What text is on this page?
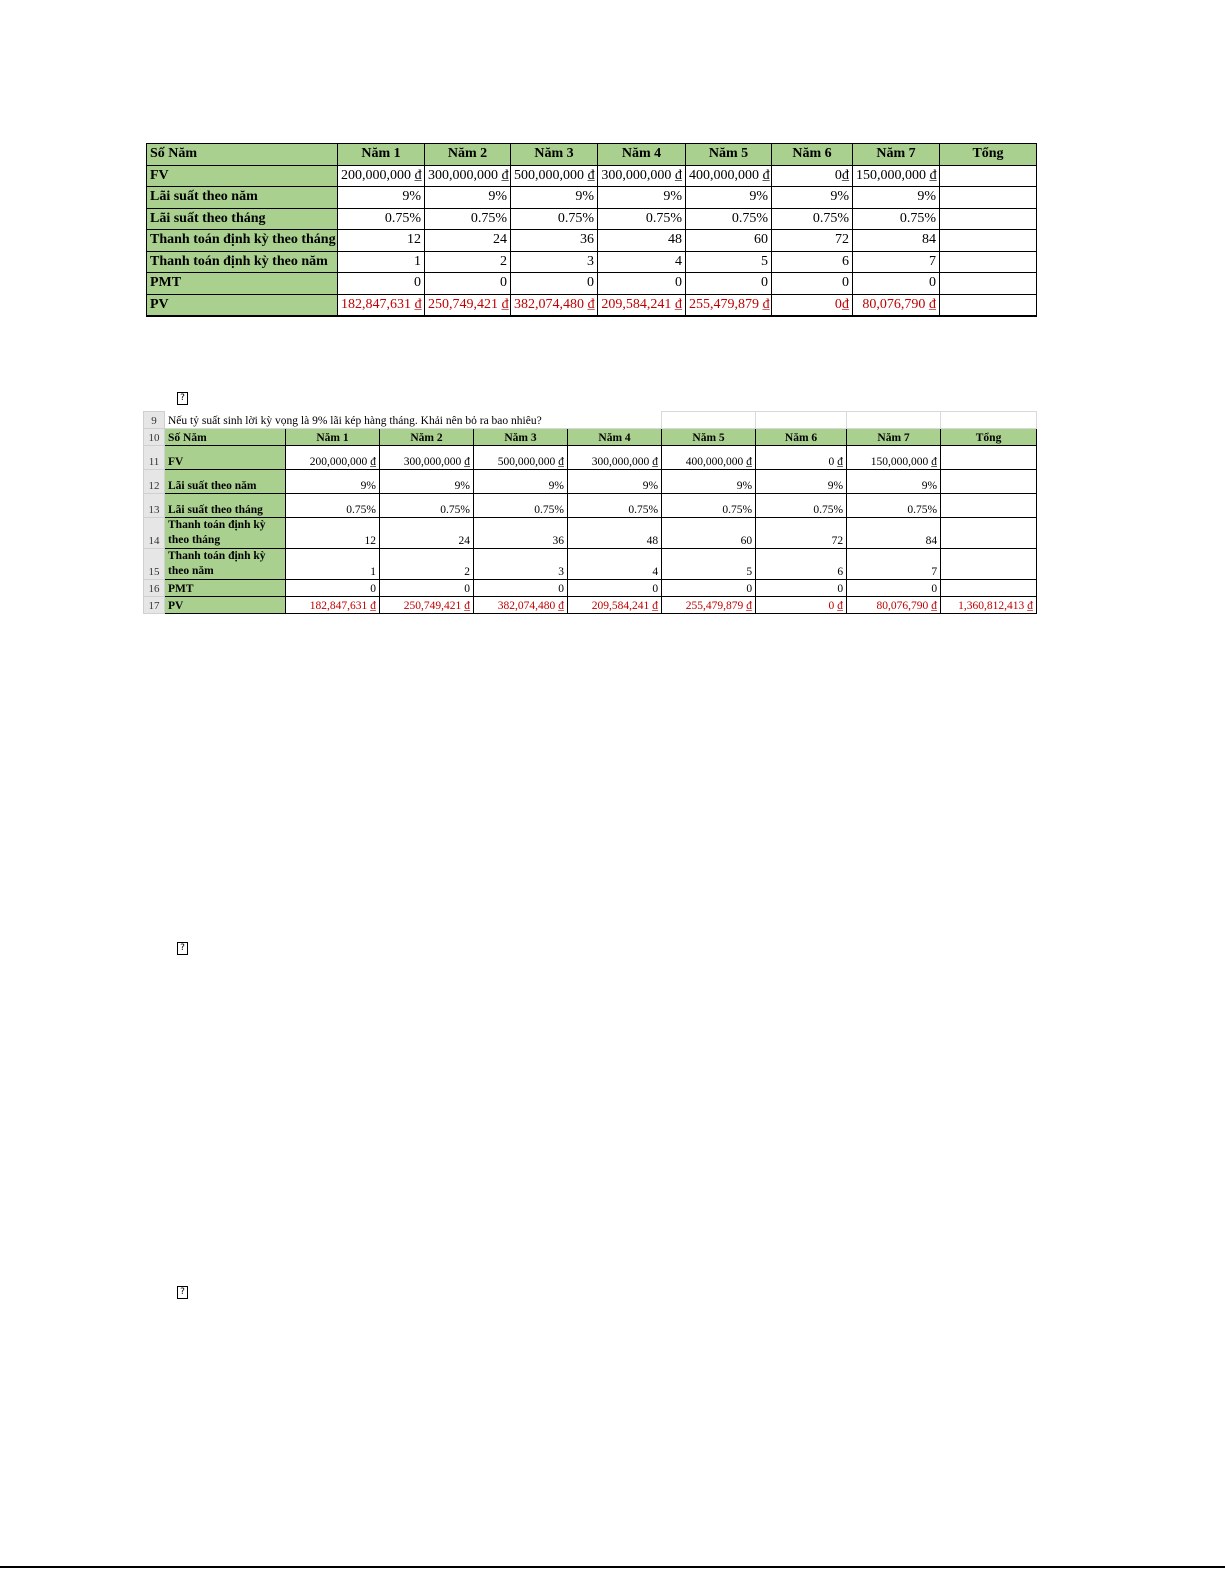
Số Năm	Năm 1	Năm 2	Năm 3	Năm 4	Năm 5	Năm 6	Năm 7	Tổng
FV	200,000,000 ₫	300,000,000 ₫	500,000,000 ₫	300,000,000 ₫	400,000,000 ₫	0₫	150,000,000 ₫	
Lãi suất theo năm	9%	9%	9%	9%	9%	9%	9%	
Lãi suất theo tháng	0.75%	0.75%	0.75%	0.75%	0.75%	0.75%	0.75%	
Thanh toán định kỳ theo tháng	12	24	36	48	60	72	84	
Thanh toán định kỳ theo năm	1	2	3	4	5	6	7	
PMT	0	0	0	0	0	0	0	
PV	182,847,631 ₫	250,749,421 ₫	382,074,480 ₫	209,584,241 ₫	255,479,879 ₫	0₫	80,076,790 ₫	
?
?
?
9	Nếu tỷ suất sinh lời kỳ vọng là 9% lãi kép hàng tháng. Khải nên bỏ ra bao nhiêu?								
10	Số Năm	Năm 1	Năm 2	Năm 3	Năm 4	Năm 5	Năm 6	Năm 7	Tổng
11	FV	200,000,000 ₫	300,000,000 ₫	500,000,000 ₫	300,000,000 ₫	400,000,000 ₫	0 ₫	150,000,000 ₫	
12	Lãi suất theo năm	9%	9%	9%	9%	9%	9%	9%	
13	Lãi suất theo tháng	0.75%	0.75%	0.75%	0.75%	0.75%	0.75%	0.75%	
14	Thanh toán định kỳ theo tháng	12	24	36	48	60	72	84	
15	Thanh toán định kỳ theo năm	1	2	3	4	5	6	7	
16	PMT	0	0	0	0	0	0	0	
17	PV	182,847,631 ₫	250,749,421 ₫	382,074,480 ₫	209,584,241 ₫	255,479,879 ₫	0 ₫	80,076,790 ₫	1,360,812,413 ₫
